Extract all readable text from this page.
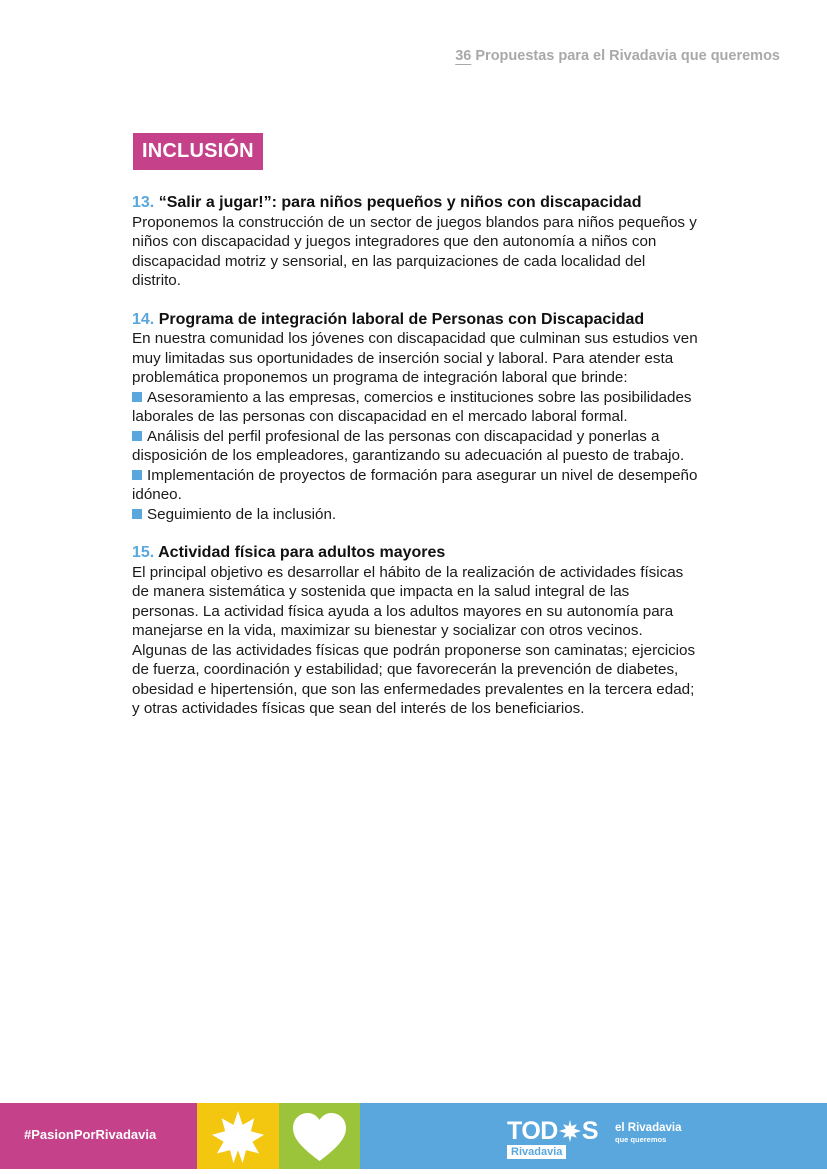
36 Propuestas para el Rivadavia que queremos
INCLUSIÓN
13. “Salir a jugar!”: para niños pequeños y niños con discapacidad

Proponemos la construcción de un sector de juegos blandos para niños pequeños y niños con discapacidad y juegos integradores que den autonomía a niños con discapacidad motriz y sensorial, en las parquizaciones de cada localidad del distrito.

14. Programa de integración laboral de Personas con Discapacidad

En nuestra comunidad los jóvenes con discapacidad que culminan sus estudios ven muy limitadas sus oportunidades de inserción social y laboral. Para atender esta problemática proponemos un programa de integración laboral que brinde:

Asesoramiento a las empresas, comercios e instituciones sobre las posibilidades laborales de las personas con discapacidad en el mercado laboral formal.
Análisis del perfil profesional de las personas con discapacidad y ponerlas a disposición de los empleadores, garantizando su adecuación al puesto de trabajo.
Implementación de proyectos de formación para asegurar un nivel de desempeño idóneo.
Seguimiento de la inclusión.
15. Actividad física para adultos mayores

El principal objetivo es desarrollar el hábito de la realización de actividades físicas de manera sistemática y sostenida que impacta en la salud integral de las personas. La actividad física ayuda a los adultos mayores en su autonomía para manejarse en la vida, maximizar su bienestar y socializar con otros vecinos. Algunas de las actividades físicas que podrán proponerse son caminatas; ejercicios de fuerza, coordinación y estabilidad; que favorecerán la prevención de diabetes, obesidad e hipertensión, que son las enfermedades prevalentes en la tercera edad; y otras actividades físicas que sean del interés de los beneficiarios.

#PasionPorRivadavia	TOD S
Rivadavia
el Rivadavia
que queremos
